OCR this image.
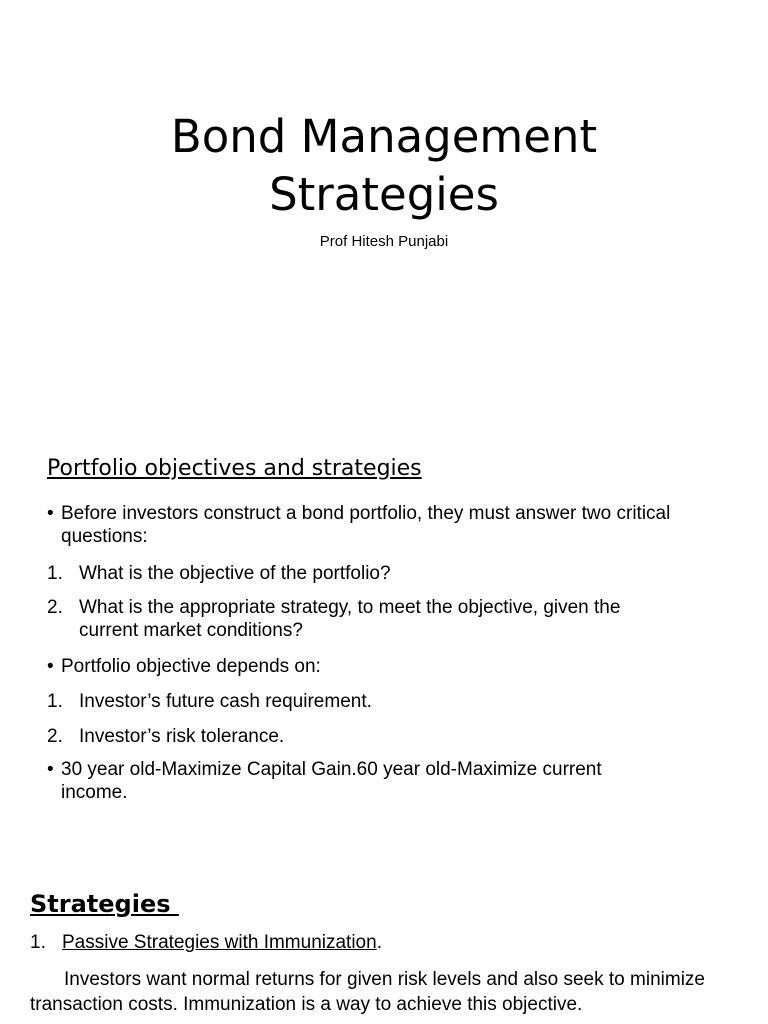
Bond Management
Strategies
Prof Hitesh Punjabi
Portfolio objectives and strategies
• Before investors construct a bond portfolio, they must answer two critical questions:
1. What is the objective of the portfolio?
2. What is the appropriate strategy, to meet the objective, given the current market conditions?
• Portfolio objective depends on:
1. Investor’s future cash requirement.
2. Investor’s risk tolerance.
• 30 year old-Maximize Capital Gain.60 year old-Maximize current income.
Strategies
1. Passive Strategies with Immunization .
Investors want normal returns for given risk levels and also seek to minimize transaction costs. Immunization is a way to achieve this objective.
